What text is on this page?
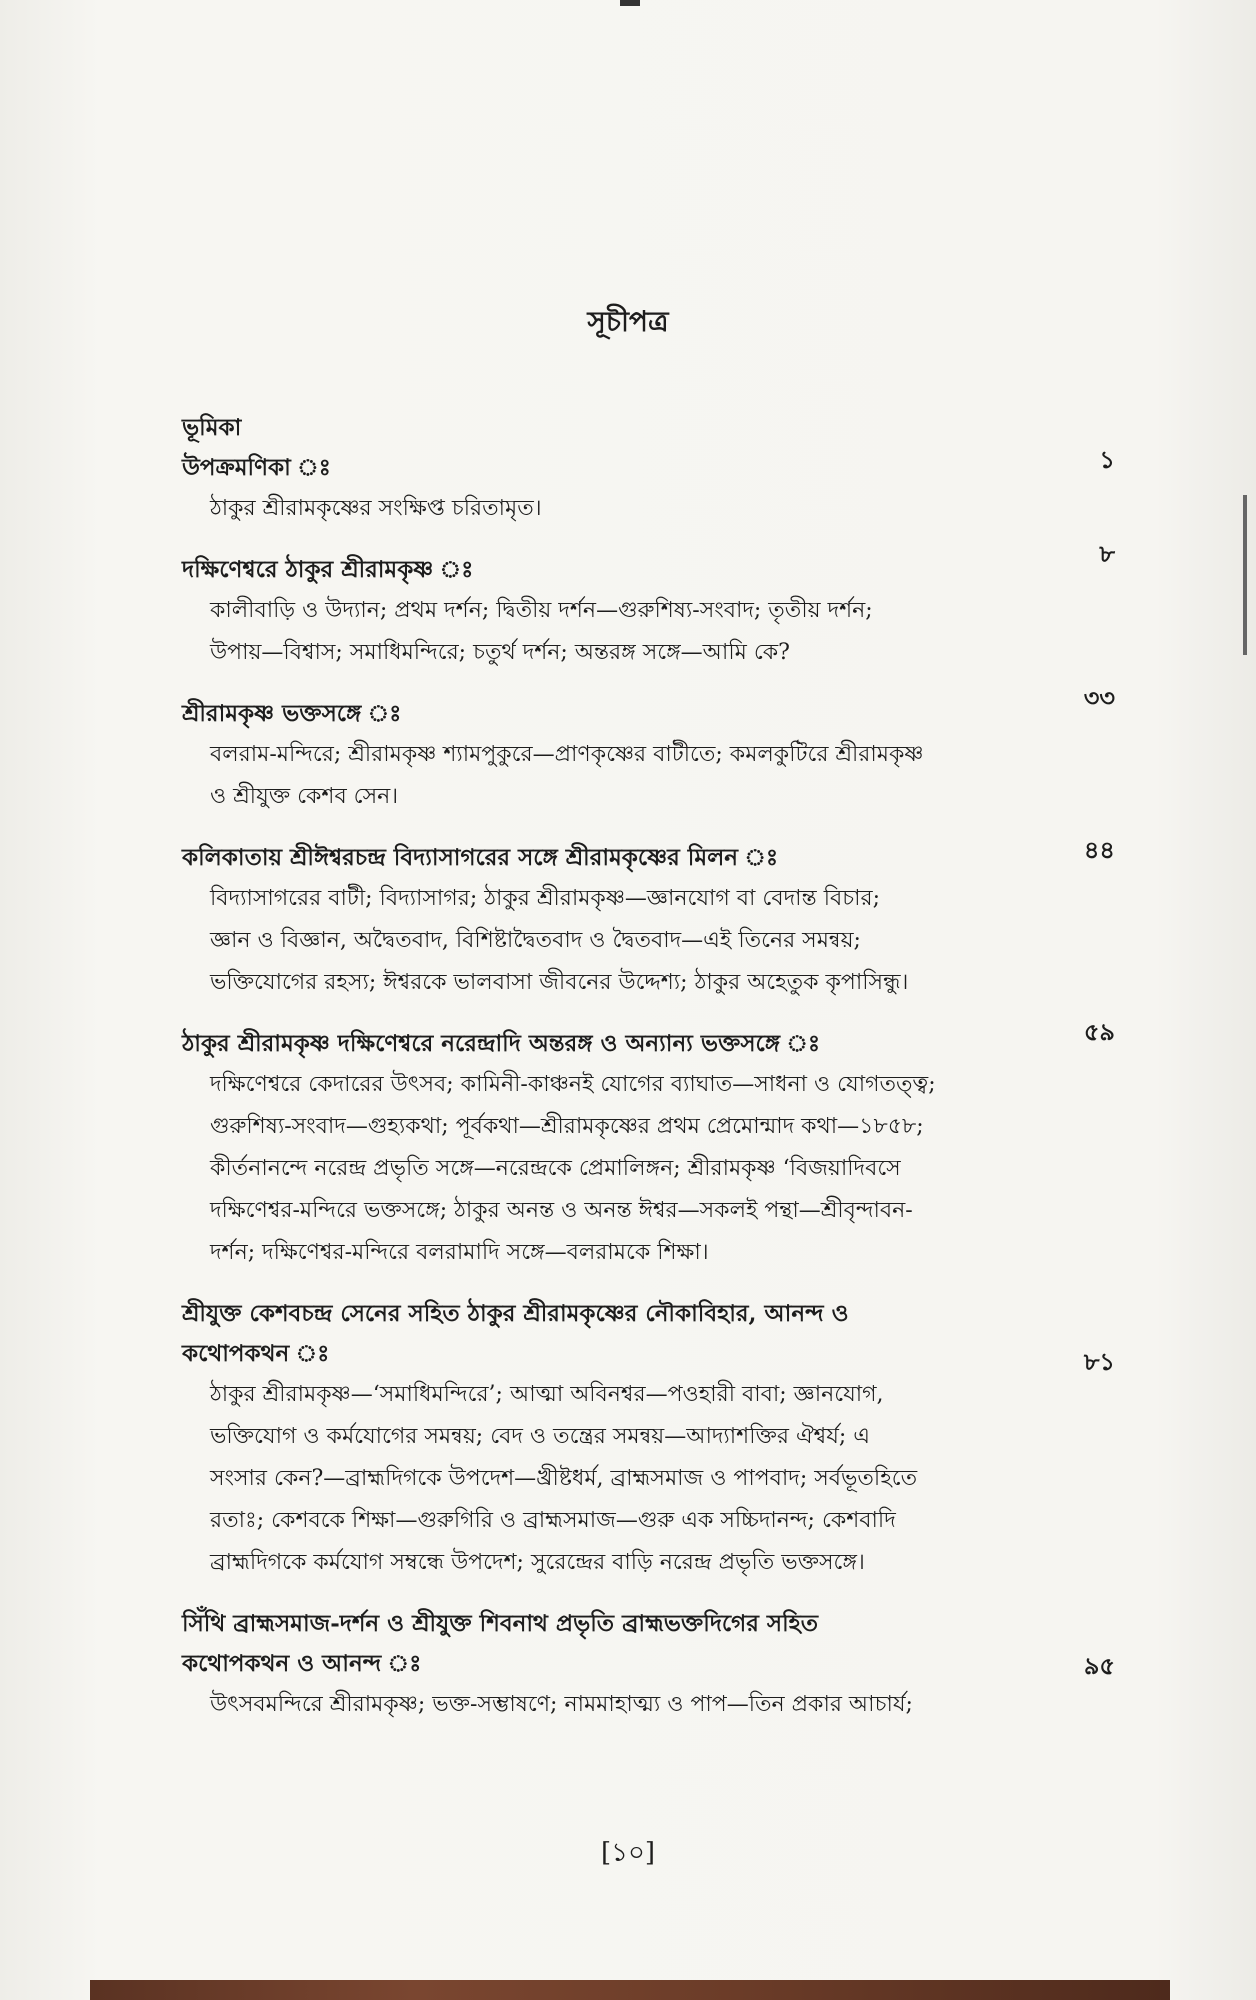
সূচীপত্র
ভূমিকা
১
উপক্রমণিকা ঃ

ঠাকুর শ্রীরামকৃষ্ণের সংক্ষিপ্ত চরিতামৃত।

৮
দক্ষিণেশ্বরে ঠাকুর শ্রীরামকৃষ্ণ ঃ

কালীবাড়ি ও উদ্যান; প্রথম দর্শন; দ্বিতীয় দর্শন—গুরুশিষ্য-সংবাদ; তৃতীয় দর্শন;

উপায়—বিশ্বাস; সমাধিমন্দিরে; চতুর্থ দর্শন; অন্তরঙ্গ সঙ্গে—আমি কে?

৩৩
শ্রীরামকৃষ্ণ ভক্তসঙ্গে ঃ

বলরাম-মন্দিরে; শ্রীরামকৃষ্ণ শ্যামপুকুরে—প্রাণকৃষ্ণের বাটীতে; কমলকুটিরে শ্রীরামকৃষ্ণ

ও শ্রীযুক্ত কেশব সেন।

৪৪
কলিকাতায় শ্রীঈশ্বরচন্দ্র বিদ্যাসাগরের সঙ্গে শ্রীরামকৃষ্ণের মিলন ঃ

বিদ্যাসাগরের বাটী; বিদ্যাসাগর; ঠাকুর শ্রীরামকৃষ্ণ—জ্ঞানযোগ বা বেদান্ত বিচার;

জ্ঞান ও বিজ্ঞান, অদ্বৈতবাদ, বিশিষ্টাদ্বৈতবাদ ও দ্বৈতবাদ—এই তিনের সমন্বয়;

ভক্তিযোগের রহস্য; ঈশ্বরকে ভালবাসা জীবনের উদ্দেশ্য; ঠাকুর অহেতুক কৃপাসিন্ধু।

৫৯
ঠাকুর শ্রীরামকৃষ্ণ দক্ষিণেশ্বরে নরেন্দ্রাদি অন্তরঙ্গ ও অন্যান্য ভক্তসঙ্গে ঃ

দক্ষিণেশ্বরে কেদারের উৎসব; কামিনী-কাঞ্চনই যোগের ব্যাঘাত—সাধনা ও যোগতত্ত্ব;

গুরুশিষ্য-সংবাদ—গুহ্যকথা; পূর্বকথা—শ্রীরামকৃষ্ণের প্রথম প্রেমোন্মাদ কথা—১৮৫৮;

কীর্তনানন্দে নরেন্দ্র প্রভৃতি সঙ্গে—নরেন্দ্রকে প্রেমালিঙ্গন; শ্রীরামকৃষ্ণ ‘বিজয়াদিবসে

দক্ষিণেশ্বর-মন্দিরে ভক্তসঙ্গে; ঠাকুর অনন্ত ও অনন্ত ঈশ্বর—সকলই পন্থা—শ্রীবৃন্দাবন-

দর্শন; দক্ষিণেশ্বর-মন্দিরে বলরামাদি সঙ্গে—বলরামকে শিক্ষা।

৮১
শ্রীযুক্ত কেশবচন্দ্র সেনের সহিত ঠাকুর শ্রীরামকৃষ্ণের নৌকাবিহার, আনন্দ ও
কথোপকথন ঃ

ঠাকুর শ্রীরামকৃষ্ণ—‘সমাধিমন্দিরে’; আত্মা অবিনশ্বর—পওহারী বাবা; জ্ঞানযোগ,

ভক্তিযোগ ও কর্মযোগের সমন্বয়; বেদ ও তন্ত্রের সমন্বয়—আদ্যাশক্তির ঐশ্বর্য; এ

সংসার কেন?—ব্রাহ্মদিগকে উপদেশ—খ্রীষ্টধর্ম, ব্রাহ্মসমাজ ও পাপবাদ; সর্বভূতহিতে

রতাঃ; কেশবকে শিক্ষা—গুরুগিরি ও ব্রাহ্মসমাজ—গুরু এক সচ্চিদানন্দ; কেশবাদি

ব্রাহ্মদিগকে কর্মযোগ সম্বন্ধে উপদেশ; সুরেন্দ্রের বাড়ি নরেন্দ্র প্রভৃতি ভক্তসঙ্গে।

৯৫
সিঁথি ব্রাহ্মসমাজ-দর্শন ও শ্রীযুক্ত শিবনাথ প্রভৃতি ব্রাহ্মভক্তদিগের সহিত
কথোপকথন ও আনন্দ ঃ

উৎসবমন্দিরে শ্রীরামকৃষ্ণ; ভক্ত-সম্ভাষণে; নামমাহাত্ম্য ও পাপ—তিন প্রকার আচার্য;

[১০]
